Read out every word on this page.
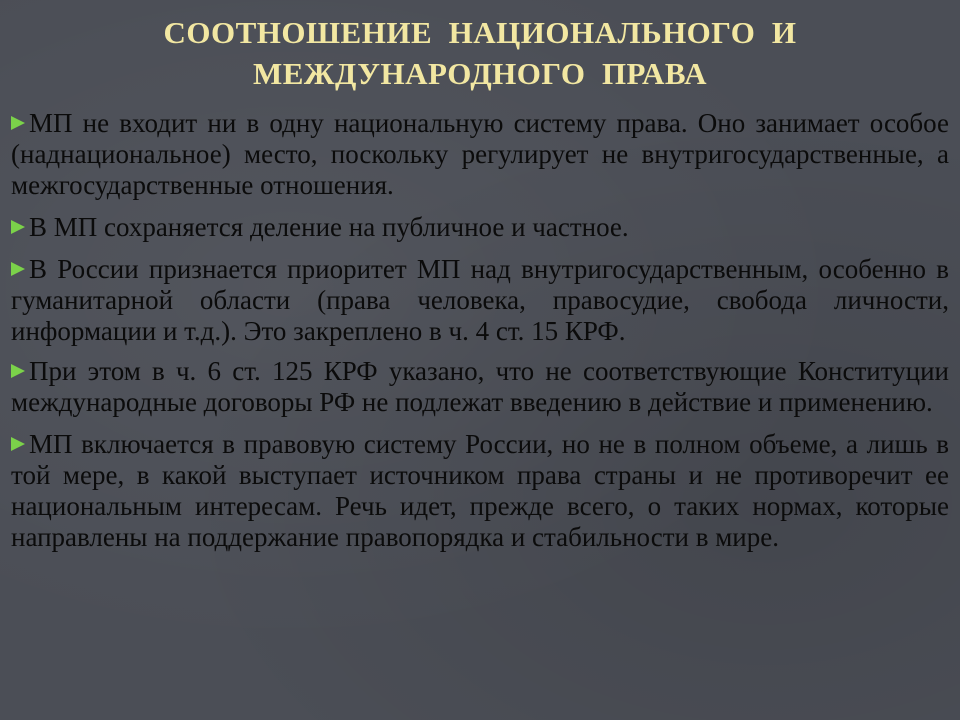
СООТНОШЕНИЕ  НАЦИОНАЛЬНОГО  И
МЕЖДУНАРОДНОГО  ПРАВА

МП не входит ни в одну национальную систему права. Оно занимает особое (наднациональное) место, поскольку регулирует не внутригосударственные, а межгосударственные отношения.

В МП сохраняется деление на публичное и частное.

В России признается приоритет МП над внутригосударственным, особенно в гуманитарной области (права человека, правосудие, свобода личности, информации и т.д.). Это закреплено в ч. 4 ст. 15 КРФ.

При этом в ч. 6 ст. 125 КРФ указано, что не соответствующие Конституции международные договоры РФ не подлежат введению в действие и применению.

МП включается в правовую систему России, но не в полном объеме, а лишь в той мере, в какой выступает источником права страны и не противоречит ее национальным интересам. Речь идет, прежде всего, о таких нормах, которые направлены на поддержание правопорядка и стабильности в мире.
